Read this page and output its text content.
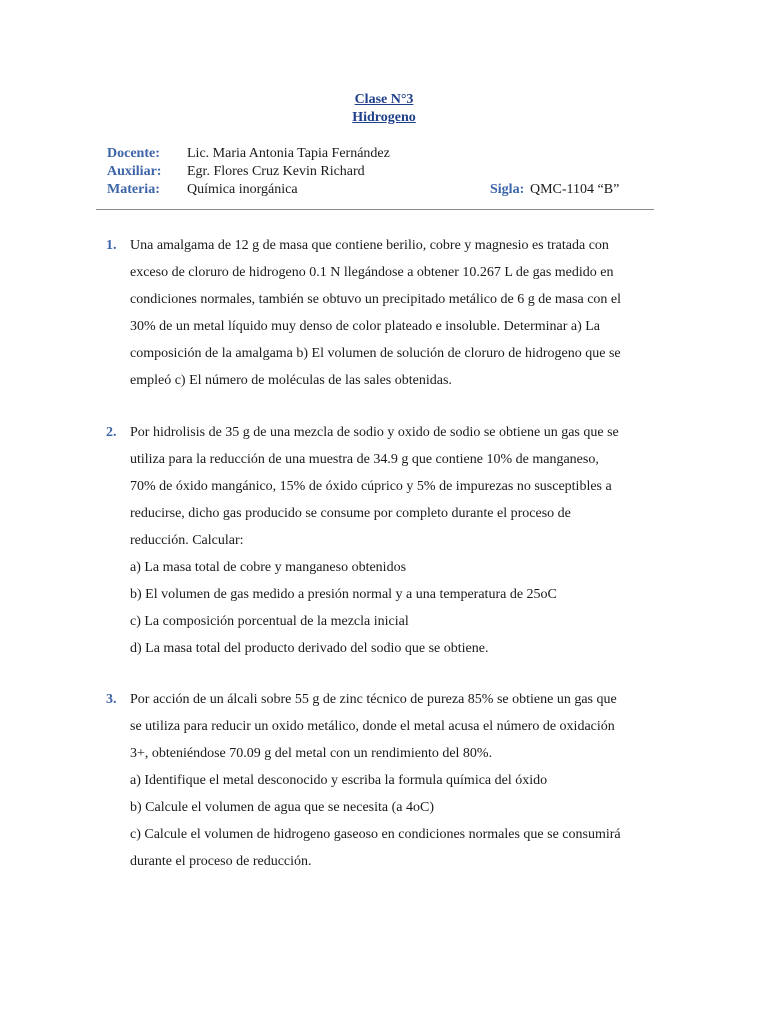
Clase N°3
Hidrogeno
Docente: Lic. Maria Antonia Tapia Fernández
Auxiliar: Egr. Flores Cruz Kevin Richard
Materia: Química inorgánica	Sigla: QMC-1104 “B”
1. Una amalgama de 12 g de masa que contiene berilio, cobre y magnesio es tratada con
exceso de cloruro de hidrogeno 0.1 N llegándose a obtener 10.267 L de gas medido en
condiciones normales, también se obtuvo un precipitado metálico de 6 g de masa con el
30% de un metal líquido muy denso de color plateado e insoluble. Determinar a) La
composición de la amalgama b) El volumen de solución de cloruro de hidrogeno que se
empleó c) El número de moléculas de las sales obtenidas.
2. Por hidrolisis de 35 g de una mezcla de sodio y oxido de sodio se obtiene un gas que se
utiliza para la reducción de una muestra de 34.9 g que contiene 10% de manganeso,
70% de óxido mangánico, 15% de óxido cúprico y 5% de impurezas no susceptibles a
reducirse, dicho gas producido se consume por completo durante el proceso de
reducción. Calcular:
a) La masa total de cobre y manganeso obtenidos
b) El volumen de gas medido a presión normal y a una temperatura de 25oC
c) La composición porcentual de la mezcla inicial
d) La masa total del producto derivado del sodio que se obtiene.
3. Por acción de un álcali sobre 55 g de zinc técnico de pureza 85% se obtiene un gas que
se utiliza para reducir un oxido metálico, donde el metal acusa el número de oxidación
3+, obteniéndose 70.09 g del metal con un rendimiento del 80%.
a) Identifique el metal desconocido y escriba la formula química del óxido
b) Calcule el volumen de agua que se necesita (a 4oC)
c) Calcule el volumen de hidrogeno gaseoso en condiciones normales que se consumirá
durante el proceso de reducción.
